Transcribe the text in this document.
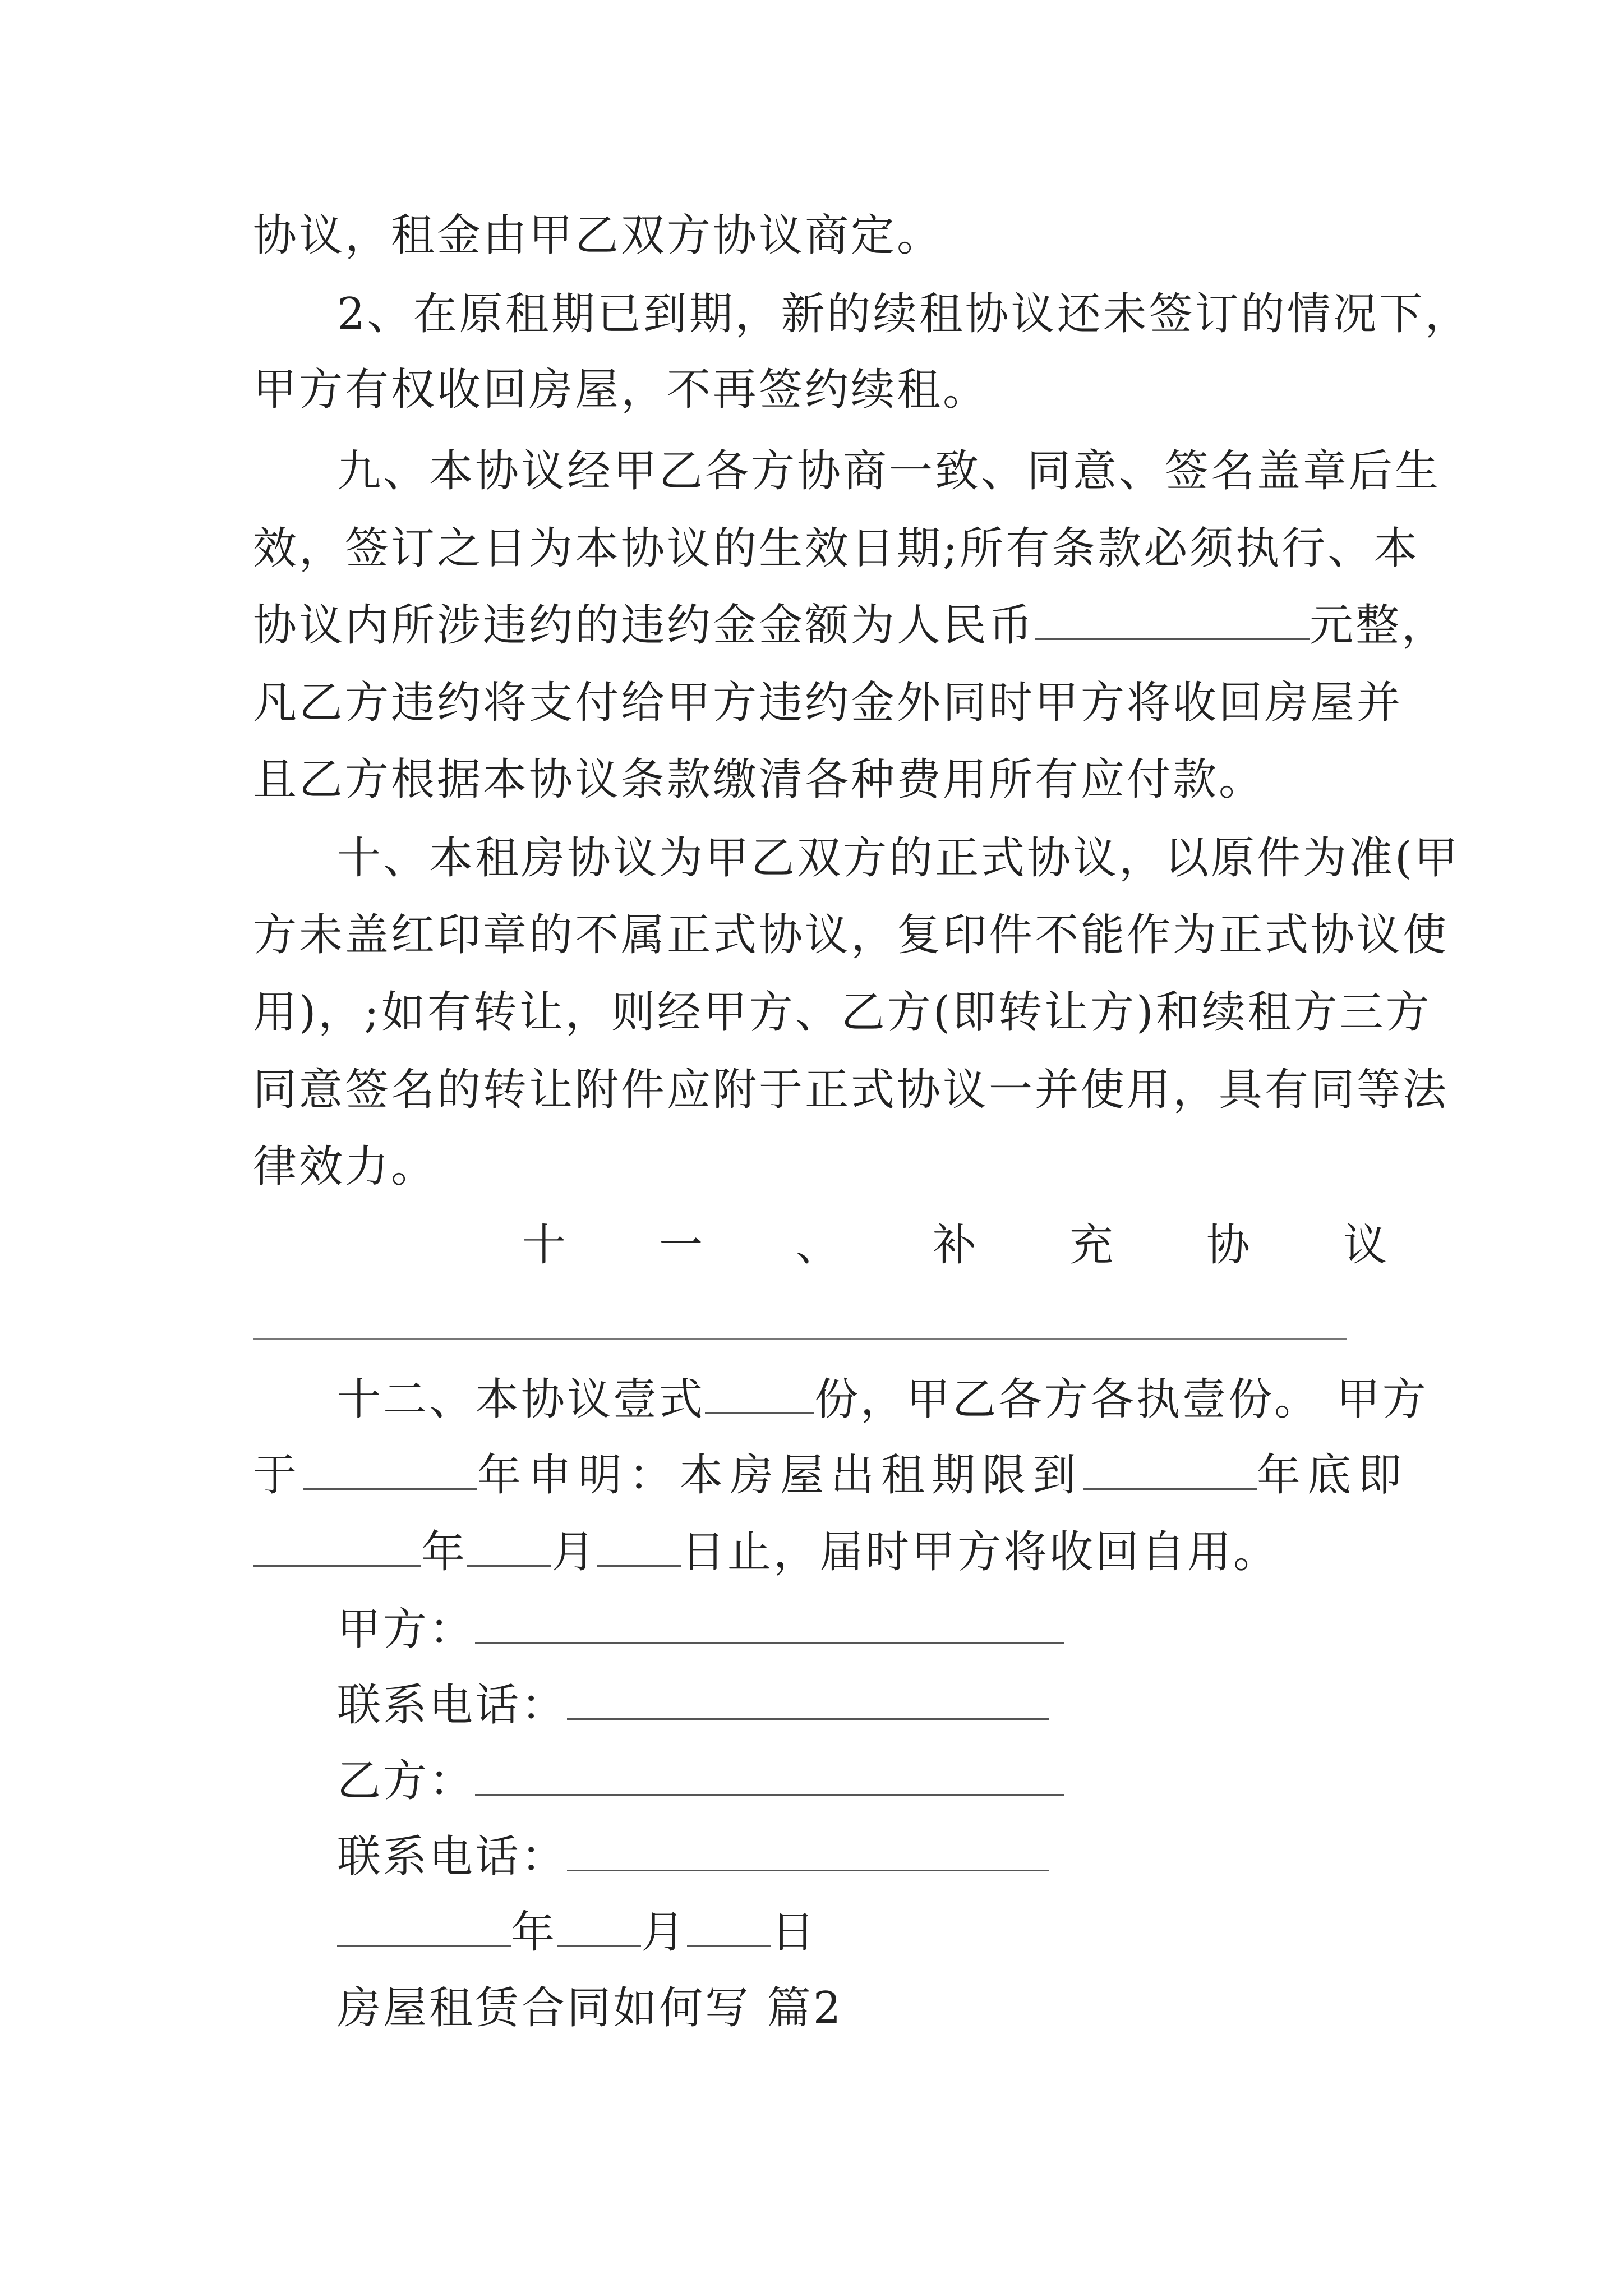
协议，租金由甲乙双方协议商定。
2、在原租期已到期，新的续租协议还未签订的情况下，
甲方有权收回房屋，不再签约续租。
九、本协议经甲乙各方协商一致、同意、签名盖章后生
效，签订之日为本协议的生效日期;所有条款必须执行、本
协议内所涉违约的违约金金额为人民币	元整，
凡乙方违约将支付给甲方违约金外同时甲方将收回房屋并
且乙方根据本协议条款缴清各种费用所有应付款。
十、本租房协议为甲乙双方的正式协议，以原件为准(甲
方未盖红印章的不属正式协议，复印件不能作为正式协议使
用)，;如有转让，则经甲方、乙方(即转让方)和续租方三方
同意签名的转让附件应附于正式协议一并使用，具有同等法
律效力。
十 一 、 补 充 协 议
十二、本协议壹式	份，甲乙各方各执壹份。 甲方
于	年申明：本房屋出租期限到	年底即
年 月 日止，届时甲方将收回自用。
甲方：
联系电话：
乙方：
联系电话：
年 月 日
房屋租赁合同如何写 篇2
